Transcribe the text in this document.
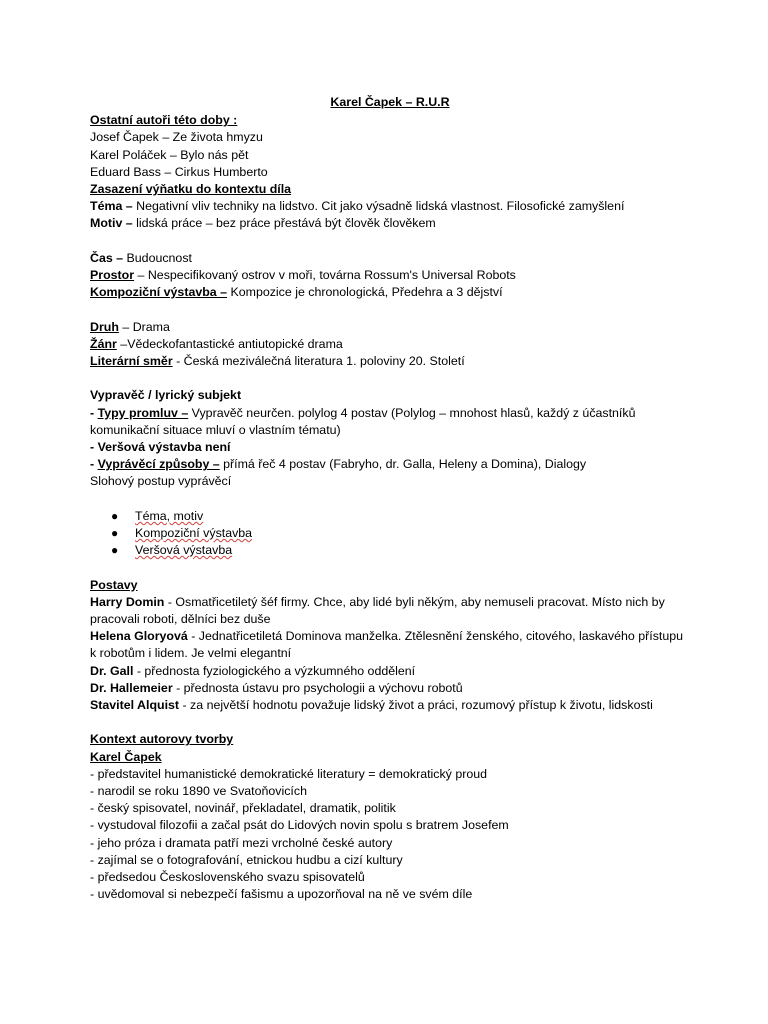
Karel Čapek – R.U.R
Ostatní autoři této doby :
Josef Čapek – Ze života hmyzu
Karel Poláček – Bylo nás pět
Eduard Bass – Cirkus Humberto
Zasazení výňatku do kontextu díla
Téma – Negativní vliv techniky na lidstvo. Cit jako výsadně lidská vlastnost. Filosofické zamyšlení
Motiv – lidská práce – bez práce přestává být člověk člověkem
Čas – Budoucnost
Prostor – Nespecifikovaný ostrov v moři, továrna Rossum's Universal Robots
Kompoziční výstavba – Kompozice je chronologická, Předehra a 3 dějství
Druh – Drama
Žánr –Vědeckofantastické antiutopické drama
Literární směr - Česká meziválečná literatura 1. poloviny 20. Století
Vypravěč / lyrický subjekt
- Typy promluv – Vypravěč neurčen. polylog 4 postav (Polylog – mnohost hlasů, každý z účastníků komunikační situace mluví o vlastním tématu)
- Veršová výstavba není
- Vyprávěcí způsoby – přímá řeč 4 postav (Fabryho, dr. Galla, Heleny a Domina), Dialogy
Slohový postup vyprávěcí
● Téma, motiv
● Kompoziční výstavba
● Veršová výstavba
Postavy
Harry Domin - Osmatřicetiletý šéf firmy. Chce, aby lidé byli někým, aby nemuseli pracovat. Místo nich by pracovali roboti, dělníci bez duše
Helena Gloryová - Jednatřicetiletá Dominova manželka. Ztělesnění ženského, citového, laskavého přístupu k robotům i lidem. Je velmi elegantní
Dr. Gall - přednosta fyziologického a výzkumného oddělení
Dr. Hallemeier - přednosta ústavu pro psychologii a výchovu robotů
Stavitel Alquist - za největší hodnotu považuje lidský život a práci, rozumový přístup k životu, lidskosti
Kontext autorovy tvorby
Karel Čapek
- představitel humanistické demokratické literatury = demokratický proud
- narodil se roku 1890 ve Svatoňovicích
- český spisovatel, novinář, překladatel, dramatik, politik
- vystudoval filozofii a začal psát do Lidových novin spolu s bratrem Josefem
- jeho próza i dramata patří mezi vrcholné české autory
- zajímal se o fotografování, etnickou hudbu a cizí kultury
- předsedou Československého svazu spisovatelů
- uvědomoval si nebezpečí fašismu a upozorňoval na ně ve svém díle
